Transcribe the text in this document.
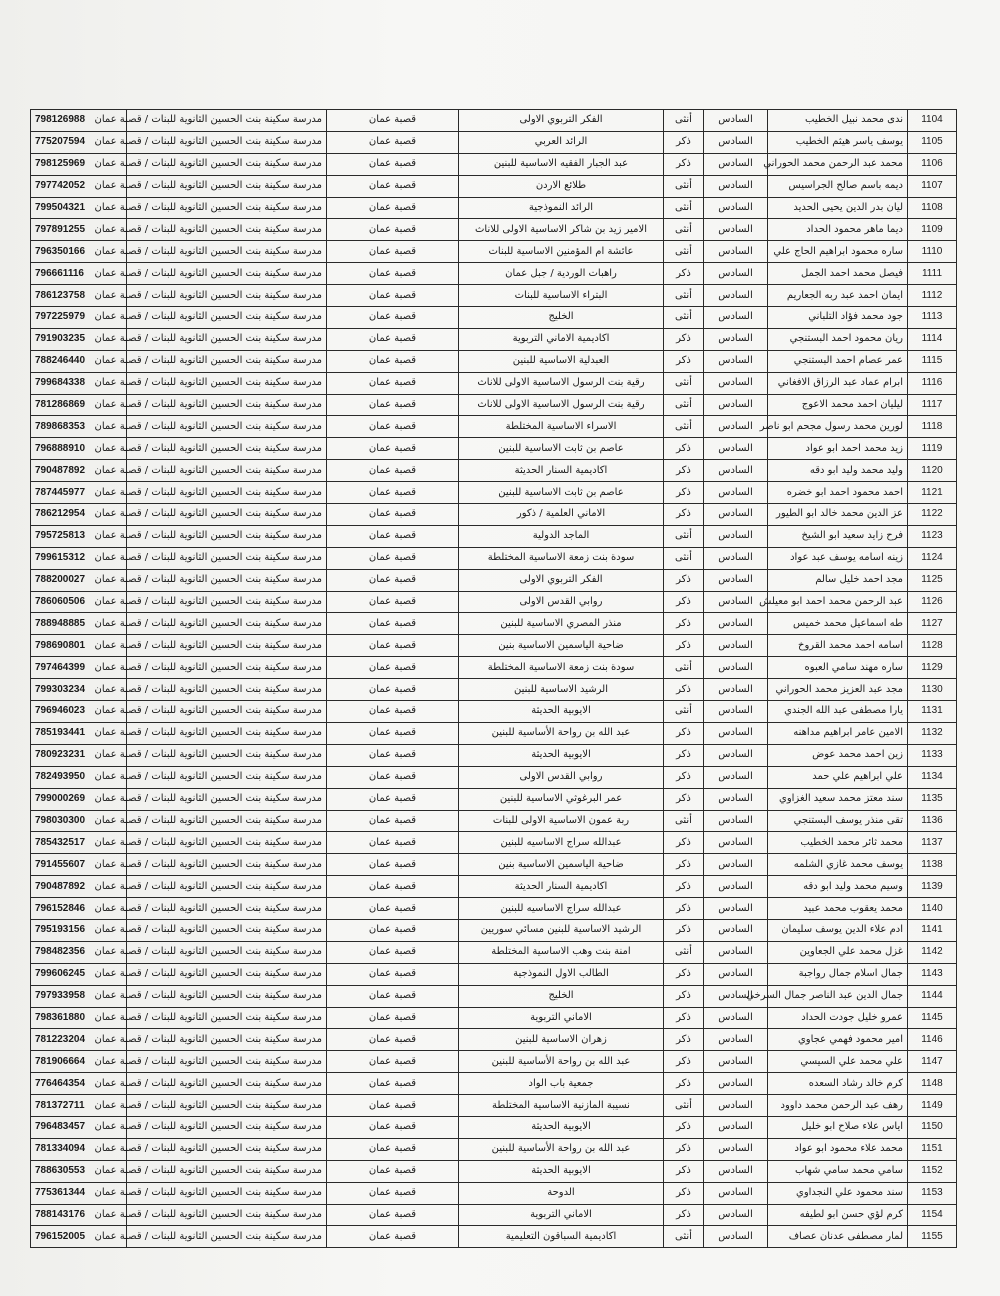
798126988	مدرسة سكينة بنت الحسين الثانوية للبنات / قصبة عمان	قصبة عمان	الفكر التربوي الاولى	أنثى	السادس	ندى محمد نبيل الخطيب	1104
775207594	مدرسة سكينة بنت الحسين الثانوية للبنات / قصبة عمان	قصبة عمان	الرائد العربي	ذكر	السادس	يوسف ياسر هيثم الخطيب	1105
798125969	مدرسة سكينة بنت الحسين الثانوية للبنات / قصبة عمان	قصبة عمان	عبد الجبار الفقيه الاساسية للبنين	ذكر	السادس	محمد عبد الرحمن محمد الحوراني	1106
797742052	مدرسة سكينة بنت الحسين الثانوية للبنات / قصبة عمان	قصبة عمان	طلائع الاردن	أنثى	السادس	ديمه باسم صالح الجراسيس	1107
799504321	مدرسة سكينة بنت الحسين الثانوية للبنات / قصبة عمان	قصبة عمان	الرائد النموذجية	أنثى	السادس	ليان بدر الدين يحيى الحديد	1108
797891255	مدرسة سكينة بنت الحسين الثانوية للبنات / قصبة عمان	قصبة عمان	الامير زيد بن شاكر الاساسية الاولى للاناث	أنثى	السادس	ديما ماهر محمود الحداد	1109
796350166	مدرسة سكينة بنت الحسين الثانوية للبنات / قصبة عمان	قصبة عمان	عائشة ام المؤمنين الاساسية للبنات	أنثى	السادس	ساره محمود ابراهيم الحاج علي	1110
796661116	مدرسة سكينة بنت الحسين الثانوية للبنات / قصبة عمان	قصبة عمان	راهبات الوردية / جبل عمان	ذكر	السادس	فيصل محمد احمد الجمل	1111
786123758	مدرسة سكينة بنت الحسين الثانوية للبنات / قصبة عمان	قصبة عمان	البتراء الاساسية للبنات	أنثى	السادس	ايمان احمد عبد ربه الجعاريم	1112
797225979	مدرسة سكينة بنت الحسين الثانوية للبنات / قصبة عمان	قصبة عمان	الخليج	أنثى	السادس	جود محمد فؤاد التلباني	1113
791903235	مدرسة سكينة بنت الحسين الثانوية للبنات / قصبة عمان	قصبة عمان	اكاديمية الاماني التربوية	ذكر	السادس	ريان محمود احمد البستنجي	1114
788246440	مدرسة سكينة بنت الحسين الثانوية للبنات / قصبة عمان	قصبة عمان	العبدلية الاساسية للبنين	ذكر	السادس	عمر عصام احمد البستنجي	1115
799684338	مدرسة سكينة بنت الحسين الثانوية للبنات / قصبة عمان	قصبة عمان	رقية بنت الرسول الاساسية الاولى للاناث	أنثى	السادس	ابرام عماد عبد الرزاق الافغاني	1116
781286869	مدرسة سكينة بنت الحسين الثانوية للبنات / قصبة عمان	قصبة عمان	رقية بنت الرسول الاساسية الاولى للاناث	أنثى	السادس	ليليان احمد محمد الاعوج	1117
789868353	مدرسة سكينة بنت الحسين الثانوية للبنات / قصبة عمان	قصبة عمان	الاسراء الاساسية المختلطة	أنثى	السادس	لورين محمد رسول مجحم ابو ناصر	1118
796888910	مدرسة سكينة بنت الحسين الثانوية للبنات / قصبة عمان	قصبة عمان	عاصم بن ثابت الاساسية للبنين	ذكر	السادس	زيد محمد احمد ابو عواد	1119
790487892	مدرسة سكينة بنت الحسين الثانوية للبنات / قصبة عمان	قصبة عمان	اكاديمية السنار الحديثة	ذكر	السادس	وليد محمد وليد ابو دقه	1120
787445977	مدرسة سكينة بنت الحسين الثانوية للبنات / قصبة عمان	قصبة عمان	عاصم بن ثابت الاساسية للبنين	ذكر	السادس	احمد محمود احمد ابو خضره	1121
786212954	مدرسة سكينة بنت الحسين الثانوية للبنات / قصبة عمان	قصبة عمان	الاماني العلمية / ذكور	ذكر	السادس	عز الدين محمد خالد ابو الطيور	1122
795725813	مدرسة سكينة بنت الحسين الثانوية للبنات / قصبة عمان	قصبة عمان	الماجد الدولية	أنثى	السادس	فرح زايد سعيد ابو الشيخ	1123
799615312	مدرسة سكينة بنت الحسين الثانوية للبنات / قصبة عمان	قصبة عمان	سودة بنت زمعة الاساسية المختلطة	أنثى	السادس	زينه اسامه يوسف عبد عواد	1124
788200027	مدرسة سكينة بنت الحسين الثانوية للبنات / قصبة عمان	قصبة عمان	الفكر التربوي الاولى	ذكر	السادس	مجد احمد خليل سالم	1125
786060506	مدرسة سكينة بنت الحسين الثانوية للبنات / قصبة عمان	قصبة عمان	روابي القدس الاولى	ذكر	السادس	عبد الرحمن محمد احمد ابو معيلش	1126
788948885	مدرسة سكينة بنت الحسين الثانوية للبنات / قصبة عمان	قصبة عمان	منذر المصري الاساسية للبنين	ذكر	السادس	طه اسماعيل محمد خميس	1127
798690801	مدرسة سكينة بنت الحسين الثانوية للبنات / قصبة عمان	قصبة عمان	ضاحية الياسمين الاساسية بنين	ذكر	السادس	اسامه احمد محمد القروخ	1128
797464399	مدرسة سكينة بنت الحسين الثانوية للبنات / قصبة عمان	قصبة عمان	سودة بنت زمعة الاساسية المختلطة	أنثى	السادس	ساره مهند سامي العبوه	1129
799303234	مدرسة سكينة بنت الحسين الثانوية للبنات / قصبة عمان	قصبة عمان	الرشيد الاساسية للبنين	ذكر	السادس	مجد عبد العزيز محمد الحوراني	1130
796946023	مدرسة سكينة بنت الحسين الثانوية للبنات / قصبة عمان	قصبة عمان	الايوبية الحديثة	أنثى	السادس	يارا مصطفى عبد الله الجندي	1131
785193441	مدرسة سكينة بنت الحسين الثانوية للبنات / قصبة عمان	قصبة عمان	عبد الله بن رواحة الأساسية للبنين	ذكر	السادس	الامين عامر ابراهيم مداهنه	1132
780923231	مدرسة سكينة بنت الحسين الثانوية للبنات / قصبة عمان	قصبة عمان	الايوبية الحديثة	ذكر	السادس	زين احمد محمد عوض	1133
782493950	مدرسة سكينة بنت الحسين الثانوية للبنات / قصبة عمان	قصبة عمان	روابي القدس الاولى	ذكر	السادس	علي ابراهيم علي حمد	1134
799000269	مدرسة سكينة بنت الحسين الثانوية للبنات / قصبة عمان	قصبة عمان	عمر البرغوثي الاساسية للبنين	ذكر	السادس	سند معتز محمد سعيد الغزاوي	1135
798030300	مدرسة سكينة بنت الحسين الثانوية للبنات / قصبة عمان	قصبة عمان	ربة عمون الاساسية الاولى للبنات	أنثى	السادس	تقى منذر يوسف البستنجي	1136
785432517	مدرسة سكينة بنت الحسين الثانوية للبنات / قصبة عمان	قصبة عمان	عبدالله سراج الاساسيه للبنين	ذكر	السادس	محمد ثائر محمد الخطيب	1137
791455607	مدرسة سكينة بنت الحسين الثانوية للبنات / قصبة عمان	قصبة عمان	ضاحية الياسمين الاساسية بنين	ذكر	السادس	يوسف محمد غازي الشلمه	1138
790487892	مدرسة سكينة بنت الحسين الثانوية للبنات / قصبة عمان	قصبة عمان	اكاديمية السنار الحديثة	ذكر	السادس	وسيم محمد وليد ابو دقه	1139
796152846	مدرسة سكينة بنت الحسين الثانوية للبنات / قصبة عمان	قصبة عمان	عبدالله سراج الاساسيه للبنين	ذكر	السادس	محمد يعقوب محمد عبيد	1140
795193156	مدرسة سكينة بنت الحسين الثانوية للبنات / قصبة عمان	قصبة عمان	الرشيد الاساسية للبنين مسائي سوريين	ذكر	السادس	ادم علاء الدين يوسف سليمان	1141
798482356	مدرسة سكينة بنت الحسين الثانوية للبنات / قصبة عمان	قصبة عمان	امنة بنت وهب الاساسية المختلطة	أنثى	السادس	غزل محمد علي الجعاوين	1142
799606245	مدرسة سكينة بنت الحسين الثانوية للبنات / قصبة عمان	قصبة عمان	الطالب الاول النموذجية	ذكر	السادس	جمال اسلام جمال رواجبة	1143
797933958	مدرسة سكينة بنت الحسين الثانوية للبنات / قصبة عمان	قصبة عمان	الخليج	ذكر	السادس	جمال الدين عبد الناصر جمال السرخي	1144
798361880	مدرسة سكينة بنت الحسين الثانوية للبنات / قصبة عمان	قصبة عمان	الاماني التربوية	ذكر	السادس	عمرو خليل جودت الحداد	1145
781223204	مدرسة سكينة بنت الحسين الثانوية للبنات / قصبة عمان	قصبة عمان	زهران الاساسية للبنين	ذكر	السادس	امير محمود فهمي عجاوي	1146
781906664	مدرسة سكينة بنت الحسين الثانوية للبنات / قصبة عمان	قصبة عمان	عبد الله بن رواحة الأساسية للبنين	ذكر	السادس	علي محمد علي السيسي	1147
776464354	مدرسة سكينة بنت الحسين الثانوية للبنات / قصبة عمان	قصبة عمان	جمعية باب الواد	ذكر	السادس	كرم خالد رشاد السعده	1148
781372711	مدرسة سكينة بنت الحسين الثانوية للبنات / قصبة عمان	قصبة عمان	نسيبة المازنية الاساسية المختلطة	أنثى	السادس	رهف عبد الرحمن محمد داوود	1149
796483457	مدرسة سكينة بنت الحسين الثانوية للبنات / قصبة عمان	قصبة عمان	الايوبية الحديثة	ذكر	السادس	اياس علاء صلاح ابو خليل	1150
781334094	مدرسة سكينة بنت الحسين الثانوية للبنات / قصبة عمان	قصبة عمان	عبد الله بن رواحة الأساسية للبنين	ذكر	السادس	محمد علاء محمود ابو عواد	1151
788630553	مدرسة سكينة بنت الحسين الثانوية للبنات / قصبة عمان	قصبة عمان	الايوبية الحديثة	ذكر	السادس	سامي محمد سامي شهاب	1152
775361344	مدرسة سكينة بنت الحسين الثانوية للبنات / قصبة عمان	قصبة عمان	الدوحة	ذكر	السادس	سند محمود علي النجداوي	1153
788143176	مدرسة سكينة بنت الحسين الثانوية للبنات / قصبة عمان	قصبة عمان	الاماني التربوية	ذكر	السادس	كرم لؤي حسن ابو لطيفه	1154
796152005	مدرسة سكينة بنت الحسين الثانوية للبنات / قصبة عمان	قصبة عمان	اكاديمية السباقون التعليمية	أنثى	السادس	لمار مصطفى عدنان عصاف	1155
